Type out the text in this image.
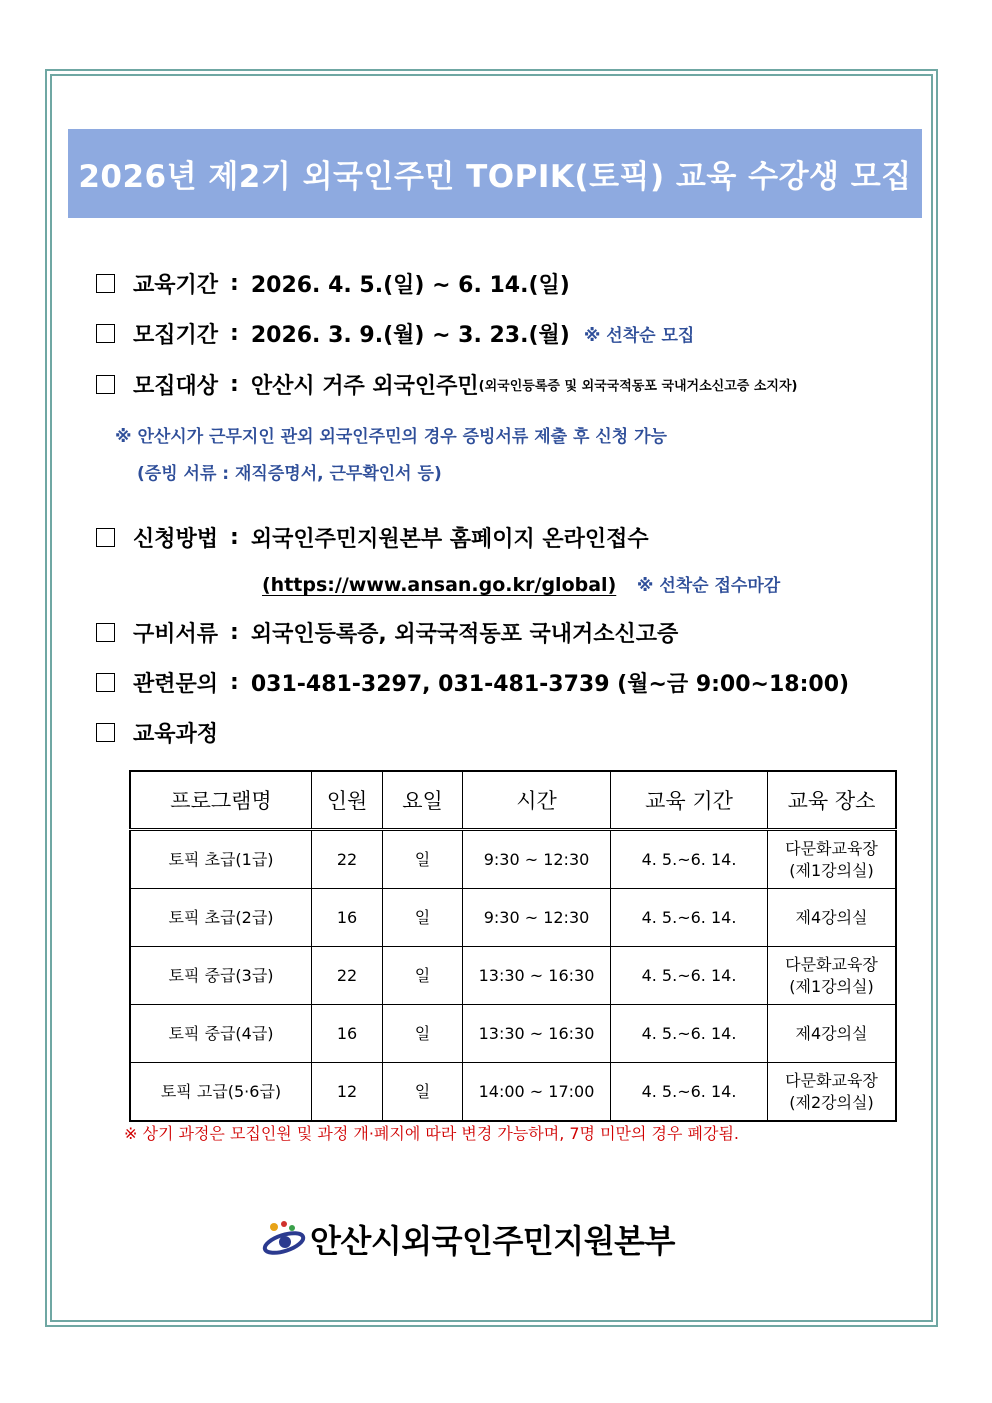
2026년 제2기 외국인주민 TOPIK(토픽) 교육 수강생 모집
교육기간 : 2026. 4. 5.(일) ~ 6. 14.(일)
모집기간 : 2026. 3. 9.(월) ~ 3. 23.(월) ※ 선착순 모집
모집대상 : 안산시 거주 외국인주민 (외국인등록증 및 외국국적동포 국내거소신고증 소지자)
※ 안산시가 근무지인 관외 외국인주민의 경우 증빙서류 제출 후 신청 가능
(증빙 서류 : 재직증명서, 근무확인서 등)
신청방법 : 외국인주민지원본부 홈페이지 온라인접수
(https://www.ansan.go.kr/global) ※ 선착순 접수마감
구비서류 : 외국인등록증, 외국국적동포 국내거소신고증
관련문의 : 031-481-3297, 031-481-3739 (월~금 9:00~18:00)
교육과정
프로그램명	인원	요일	시간	교육 기간	교육 장소
토픽 초급(1급)	22	일	9:30 ~ 12:30	4. 5.~6. 14.	다문화교육장
(제1강의실)

토픽 초급(2급)	16	일	9:30 ~ 12:30	4. 5.~6. 14.	제4강의실

토픽 중급(3급)	22	일	13:30 ~ 16:30	4. 5.~6. 14.	다문화교육장
(제1강의실)

토픽 중급(4급)	16	일	13:30 ~ 16:30	4. 5.~6. 14.	제4강의실

토픽 고급(5·6급)	12	일	14:00 ~ 17:00	4. 5.~6. 14.	다문화교육장
(제2강의실)
※ 상기 과정은 모집인원 및 과정 개·폐지에 따라 변경 가능하며, 7명 미만의 경우 폐강됨.
안산시외국인주민지원본부
